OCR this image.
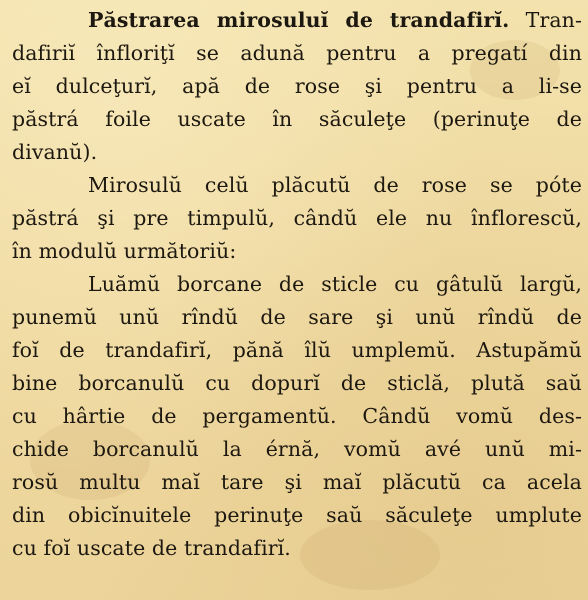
Păstrarea mirosuluĭ de trandafirĭ. Tran-
dafiriĭ înfloriţĭ se adună pentru a pregatí din
eĭ dulceţurĭ, apă de rose şi pentru a li-se
păstrá foile uscate în săculeţe (perinuţe de
divanŭ).
Mirosulŭ celŭ plăcutŭ de rose se póte
păstrá şi pre timpulŭ, cândŭ ele nu înflorescŭ,
în modulŭ următoriŭ:
Luămŭ borcane de sticle cu gâtulŭ largŭ,
punemŭ unŭ rîndŭ de sare şi unŭ rîndŭ de
foĭ de trandafirĭ, pănă îlŭ umplemŭ. Astupămŭ
bine borcanulŭ cu dopurĭ de sticlă, plută saŭ
cu hârtie de pergamentŭ. Cândŭ vomŭ des-
chide borcanulŭ la érnă, vomŭ avé unŭ mi-
rosŭ multu maĭ tare şi maĭ plăcutŭ ca acela
din obicĭnuitele perinuţe saŭ săculeţe umplute
cu foĭ uscate de trandafirĭ.
